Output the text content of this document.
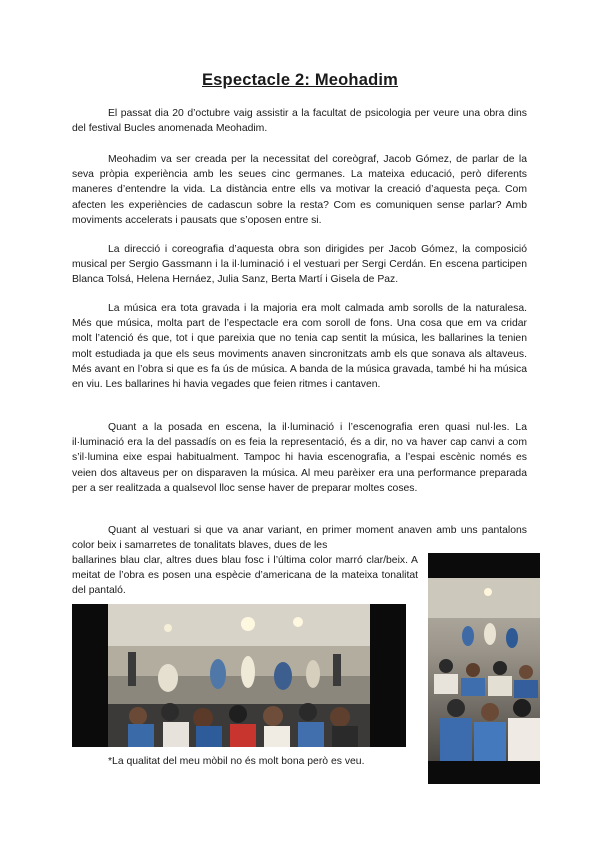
Espectacle 2: Meohadim

El passat dia 20 d’octubre vaig assistir a la facultat de psicologia per veure una obra dins del festival Bucles anomenada Meohadim.

Meohadim va ser creada per la necessitat del coreògraf, Jacob Gómez, de parlar de la seva pròpia experiència amb les seues cinc germanes. La mateixa educació, però diferents maneres d’entendre la vida. La distància entre ells va motivar la creació d’aquesta peça. Com afecten les experiències de cadascun sobre la resta? Com es comuniquen sense parlar? Amb moviments accelerats i pausats que s’oposen entre si.

La direcció i coreografia d’aquesta obra son dirigides per Jacob Gómez, la composició musical per Sergio Gassmann i la il·luminació i el vestuari per Sergi Cerdán. En escena participen Blanca Tolsá, Helena Hernáez, Julia Sanz, Berta Martí i Gisela de Paz.

La música era tota gravada i la majoria era molt calmada amb sorolls de la naturalesa. Més que música, molta part de l’espectacle era com soroll de fons. Una cosa que em va cridar molt l’atenció és que, tot i que pareixia que no tenia cap sentit la música, les ballarines la tenien molt estudiada ja que els seus moviments anaven sincronitzats amb els que sonava als altaveus. Més avant en l’obra si que es fa ús de música. A banda de la música gravada, també hi ha música en viu. Les ballarines hi havia vegades que feien ritmes i cantaven.

Quant a la posada en escena, la il·luminació i l’escenografia eren quasi nul·les. La il·luminació era la del passadís on es feia la representació, és a dir, no va haver cap canvi a com s’il·lumina eixe espai habitualment. Tampoc hi havia escenografia, a l’espai escènic només es veien dos altaveus per on disparaven la música. Al meu parèixer era una performance preparada per a ser realitzada a qualsevol lloc sense haver de preparar moltes coses.

Quant al vestuari si que va anar variant, en primer moment anaven amb uns pantalons color beix i samarretes de tonalitats blaves, dues de les

ballarines blau clar, altres dues blau fosc i l’última color marró clar/beix. A meitat de l’obra es posen una espècie d’americana de la mateixa tonalitat del pantaló.

*La qualitat del meu mòbil no és molt bona però es veu.
